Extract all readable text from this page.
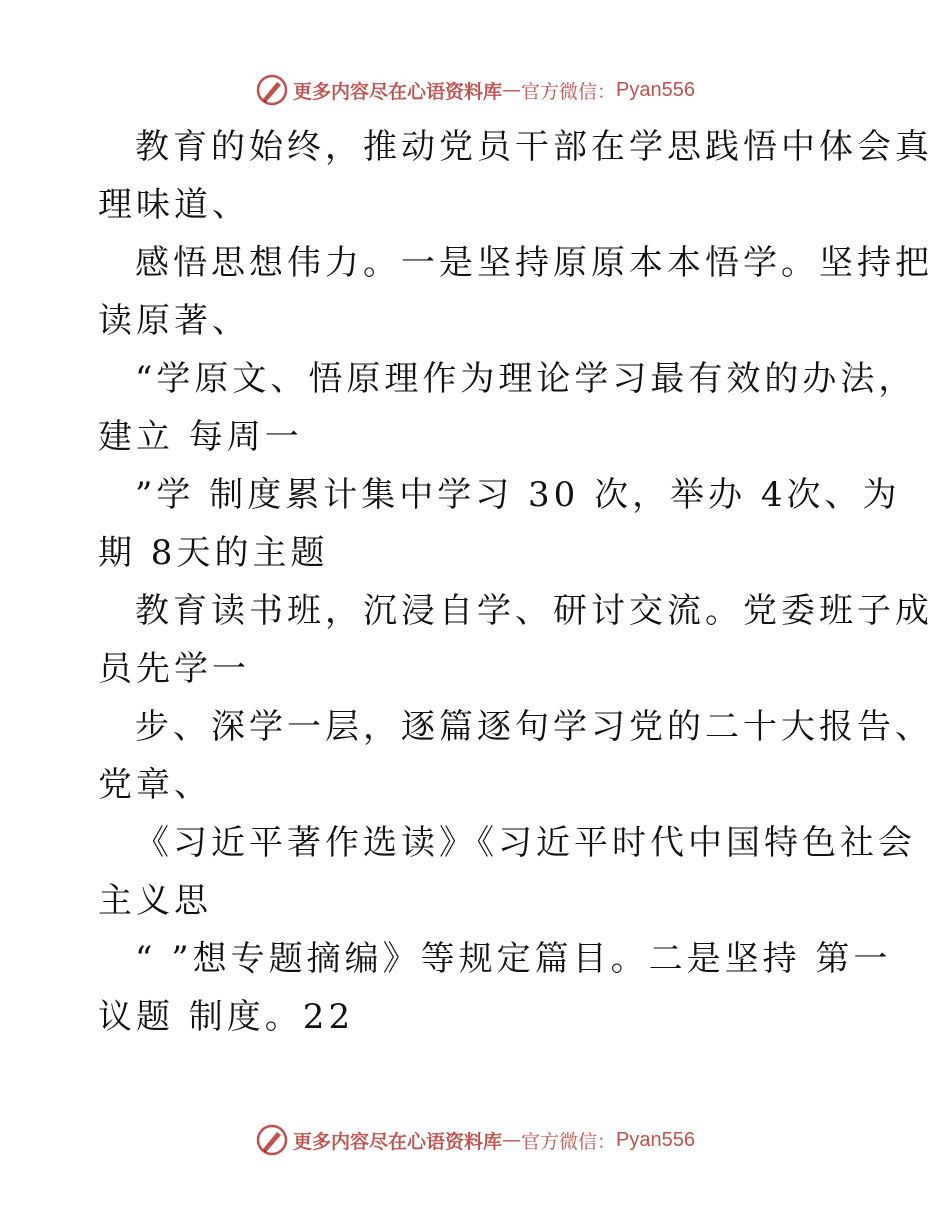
更多内容尽在心语资料库 — 官方微信： Pyan556
教育的始终，推动党员干部在学思践悟中体会真
理味道、
感悟思想伟力。一是坚持原原本本悟学。坚持把
读原著、
“学原文、悟原理作为理论学习最有效的办法，
建立 每周一
”学 制度累计集中学习 30 次，举办 4次、为
期 8天的主题
教育读书班，沉浸自学、研讨交流。党委班子成
员先学一
步、深学一层，逐篇逐句学习党的二十大报告、
党章、
《习近平著作选读》《习近平时代中国特色社会
主义思
“ ”想专题摘编》等规定篇目。二是坚持 第一
议题 制度。22
更多内容尽在心语资料库 — 官方微信： Pyan556
